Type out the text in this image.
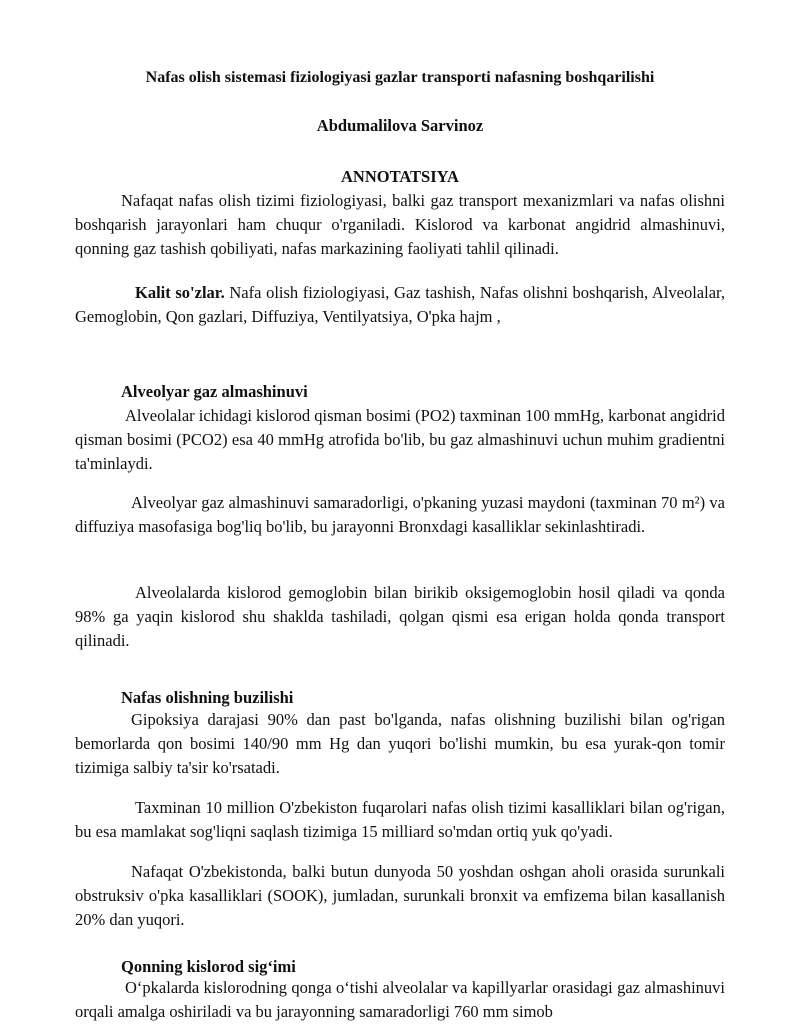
Nafas olish sistemasi fiziologiyasi gazlar transporti nafasning boshqarilishi
Abdumalilova Sarvinoz
ANNOTATSIYA

Nafaqat nafas olish tizimi fiziologiyasi, balki gaz transport mexanizmlari va nafas olishni boshqarish jarayonlari ham chuqur o'rganiladi. Kislorod va karbonat angidrid almashinuvi, qonning gaz tashish qobiliyati, nafas markazining faoliyati tahlil qilinadi.

Kalit so'zlar. Nafa olish fiziologiyasi, Gaz tashish, Nafas olishni boshqarish, Alveolalar, Gemoglobin, Qon gazlari, Diffuziya, Ventilyatsiya, O'pka hajm ,

Alveolyar gaz almashinuvi

Alveolalar ichidagi kislorod qisman bosimi (PO2) taxminan 100 mmHg, karbonat angidrid qisman bosimi (PCO2) esa 40 mmHg atrofida bo'lib, bu gaz almashinuvi uchun muhim gradientni ta'minlaydi.

Alveolyar gaz almashinuvi samaradorligi, o'pkaning yuzasi maydoni (taxminan 70 m²) va diffuziya masofasiga bog'liq bo'lib, bu jarayonni Bronxdagi kasalliklar sekinlashtiradi.

Alveolalarda kislorod gemoglobin bilan birikib oksigemoglobin hosil qiladi va qonda 98% ga yaqin kislorod shu shaklda tashiladi, qolgan qismi esa erigan holda qonda transport qilinadi.

Nafas olishning buzilishi

Gipoksiya darajasi 90% dan past bo'lganda, nafas olishning buzilishi bilan og'rigan bemorlarda qon bosimi 140/90 mm Hg dan yuqori bo'lishi mumkin, bu esa yurak-qon tomir tizimiga salbiy ta'sir ko'rsatadi.

Taxminan 10 million O'zbekiston fuqarolari nafas olish tizimi kasalliklari bilan og'rigan, bu esa mamlakat sog'liqni saqlash tizimiga 15 milliard so'mdan ortiq yuk qo'yadi.

Nafaqat O'zbekistonda, balki butun dunyoda 50 yoshdan oshgan aholi orasida surunkali obstruksiv o'pka kasalliklari (SOOK), jumladan, surunkali bronxit va emfizema bilan kasallanish 20% dan yuqori.

Qonning kislorod sig‘imi

O‘pkalarda kislorodning qonga o‘tishi alveolalar va kapillyarlar orasidagi gaz almashinuvi orqali amalga oshiriladi va bu jarayonning samaradorligi 760 mm simob
